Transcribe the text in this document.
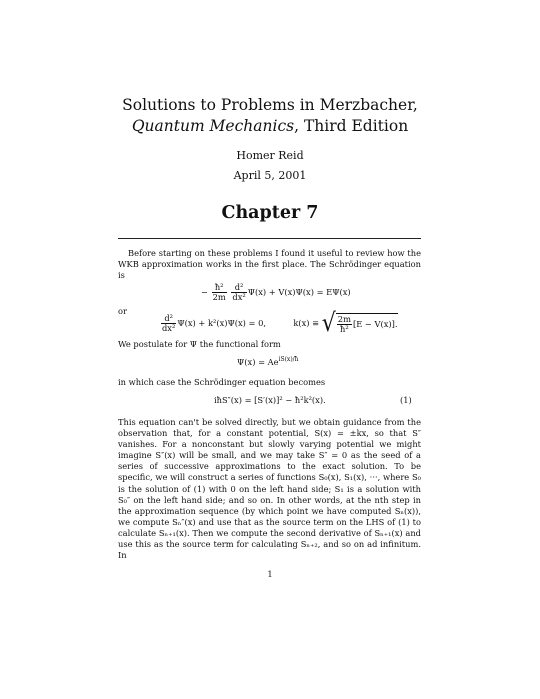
Solutions to Problems in Merzbacher,
Quantum Mechanics, Third Edition
Homer Reid
April 5, 2001
Chapter 7
Before starting on these problems I found it useful to review how the WKB approximation works in the first place. The Schrödinger equation is
− $\frac{\text{ħ²}}{2m}$
$\frac{\text{d²}}{\text{dx²}} \Psi(x) + V(x)\Psi(x) = E\Psi(x)$
or
$\frac{\text{d²}}{\text{dx²}} \Psi(x) + k^2(x)\Psi(x) = 0$,	k(x) ≡ √ $\frac{2m}{\text{ħ²}} [E - V(x)]$.
We postulate for Ψ the functional form
$\Psi(x) = Ae^{iS(x)/ħ}$
in which case the Schrödinger equation becomes
iħS″(x) = [S′(x)]² − ħ²k²(x).	(1)
This equation can't be solved directly, but we obtain guidance from the observation that, for a constant potential, S(x) = ±kx, so that S″ vanishes. For a nonconstant but slowly varying potential we might imagine S″(x) will be small, and we may take S″ = 0 as the seed of a series of successive approximations to the exact solution. To be specific, we will construct a series of functions S₀(x), S₁(x), ···, where S₀ is the solution of (1) with 0 on the left hand side; S₁ is a solution with S₀″ on the left hand side; and so on. In other words, at the nth step in the approximation sequence (by which point we have computed Sₙ(x)), we compute Sₙ″(x) and use that as the source term on the LHS of (1) to calculate Sₙ₊₁(x). Then we compute the second derivative of Sₙ₊₁(x) and use this as the source term for calculating Sₙ₊₂, and so on ad infinitum. In
1
